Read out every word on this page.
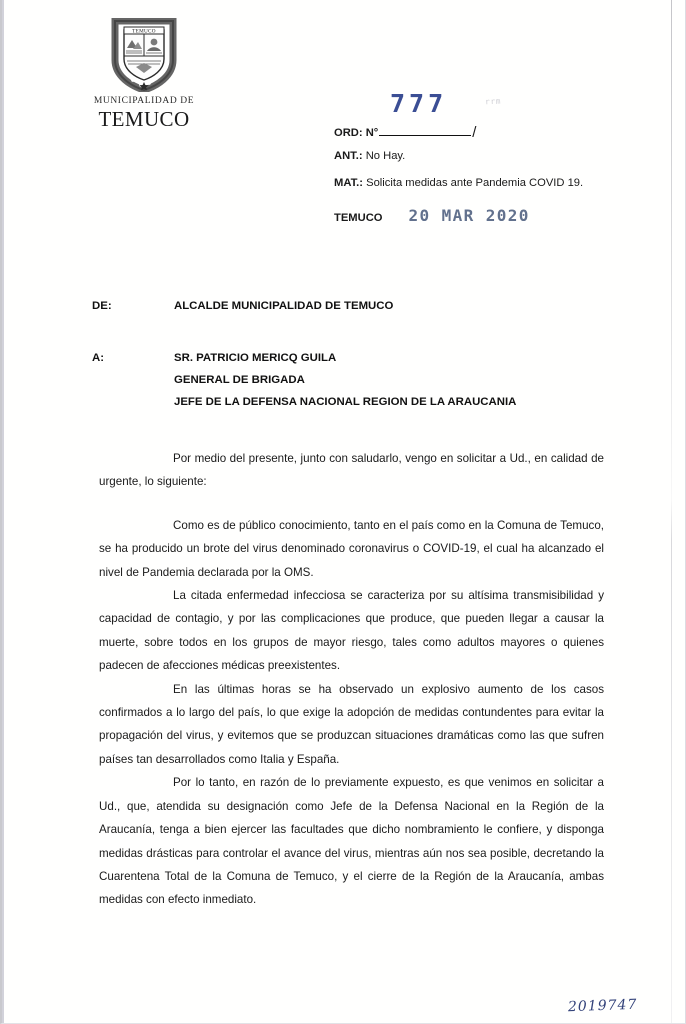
TEMUCO
MUNICIPALIDAD DE
TEMUCO
777	rrm
ORD: N°	/
ANT.: No Hay.
MAT.: Solicita medidas ante Pandemia COVID 19.
TEMUCO 20 MAR 2020
DE:	ALCALDE MUNICIPALIDAD DE TEMUCO
A:	SR. PATRICIO MERICQ GUILA
GENERAL DE BRIGADA
JEFE DE LA DEFENSA NACIONAL REGION DE LA ARAUCANIA

Por medio del presente, junto con saludarlo, vengo en solicitar a Ud., en calidad de urgente, lo siguiente:

Como es de público conocimiento, tanto en el país como en la Comuna de Temuco, se ha producido un brote del virus denominado coronavirus o COVID-19, el cual ha alcanzado el nivel de Pandemia declarada por la OMS.

La citada enfermedad infecciosa se caracteriza por su altísima transmisibilidad y capacidad de contagio, y por las complicaciones que produce, que pueden llegar a causar la muerte, sobre todos en los grupos de mayor riesgo, tales como adultos mayores o quienes padecen de afecciones médicas preexistentes.

En las últimas horas se ha observado un explosivo aumento de los casos confirmados a lo largo del país, lo que exige la adopción de medidas contundentes para evitar la propagación del virus, y evitemos que se produzcan situaciones dramáticas como las que sufren países tan desarrollados como Italia y España.

Por lo tanto, en razón de lo previamente expuesto, es que venimos en solicitar a Ud., que, atendida su designación como Jefe de la Defensa Nacional en la Región de la Araucanía, tenga a bien ejercer las facultades que dicho nombramiento le confiere, y disponga medidas drásticas para controlar el avance del virus, mientras aún nos sea posible, decretando la Cuarentena Total de la Comuna de Temuco, y el cierre de la Región de la Araucanía, ambas medidas con efecto inmediato.

2019747
